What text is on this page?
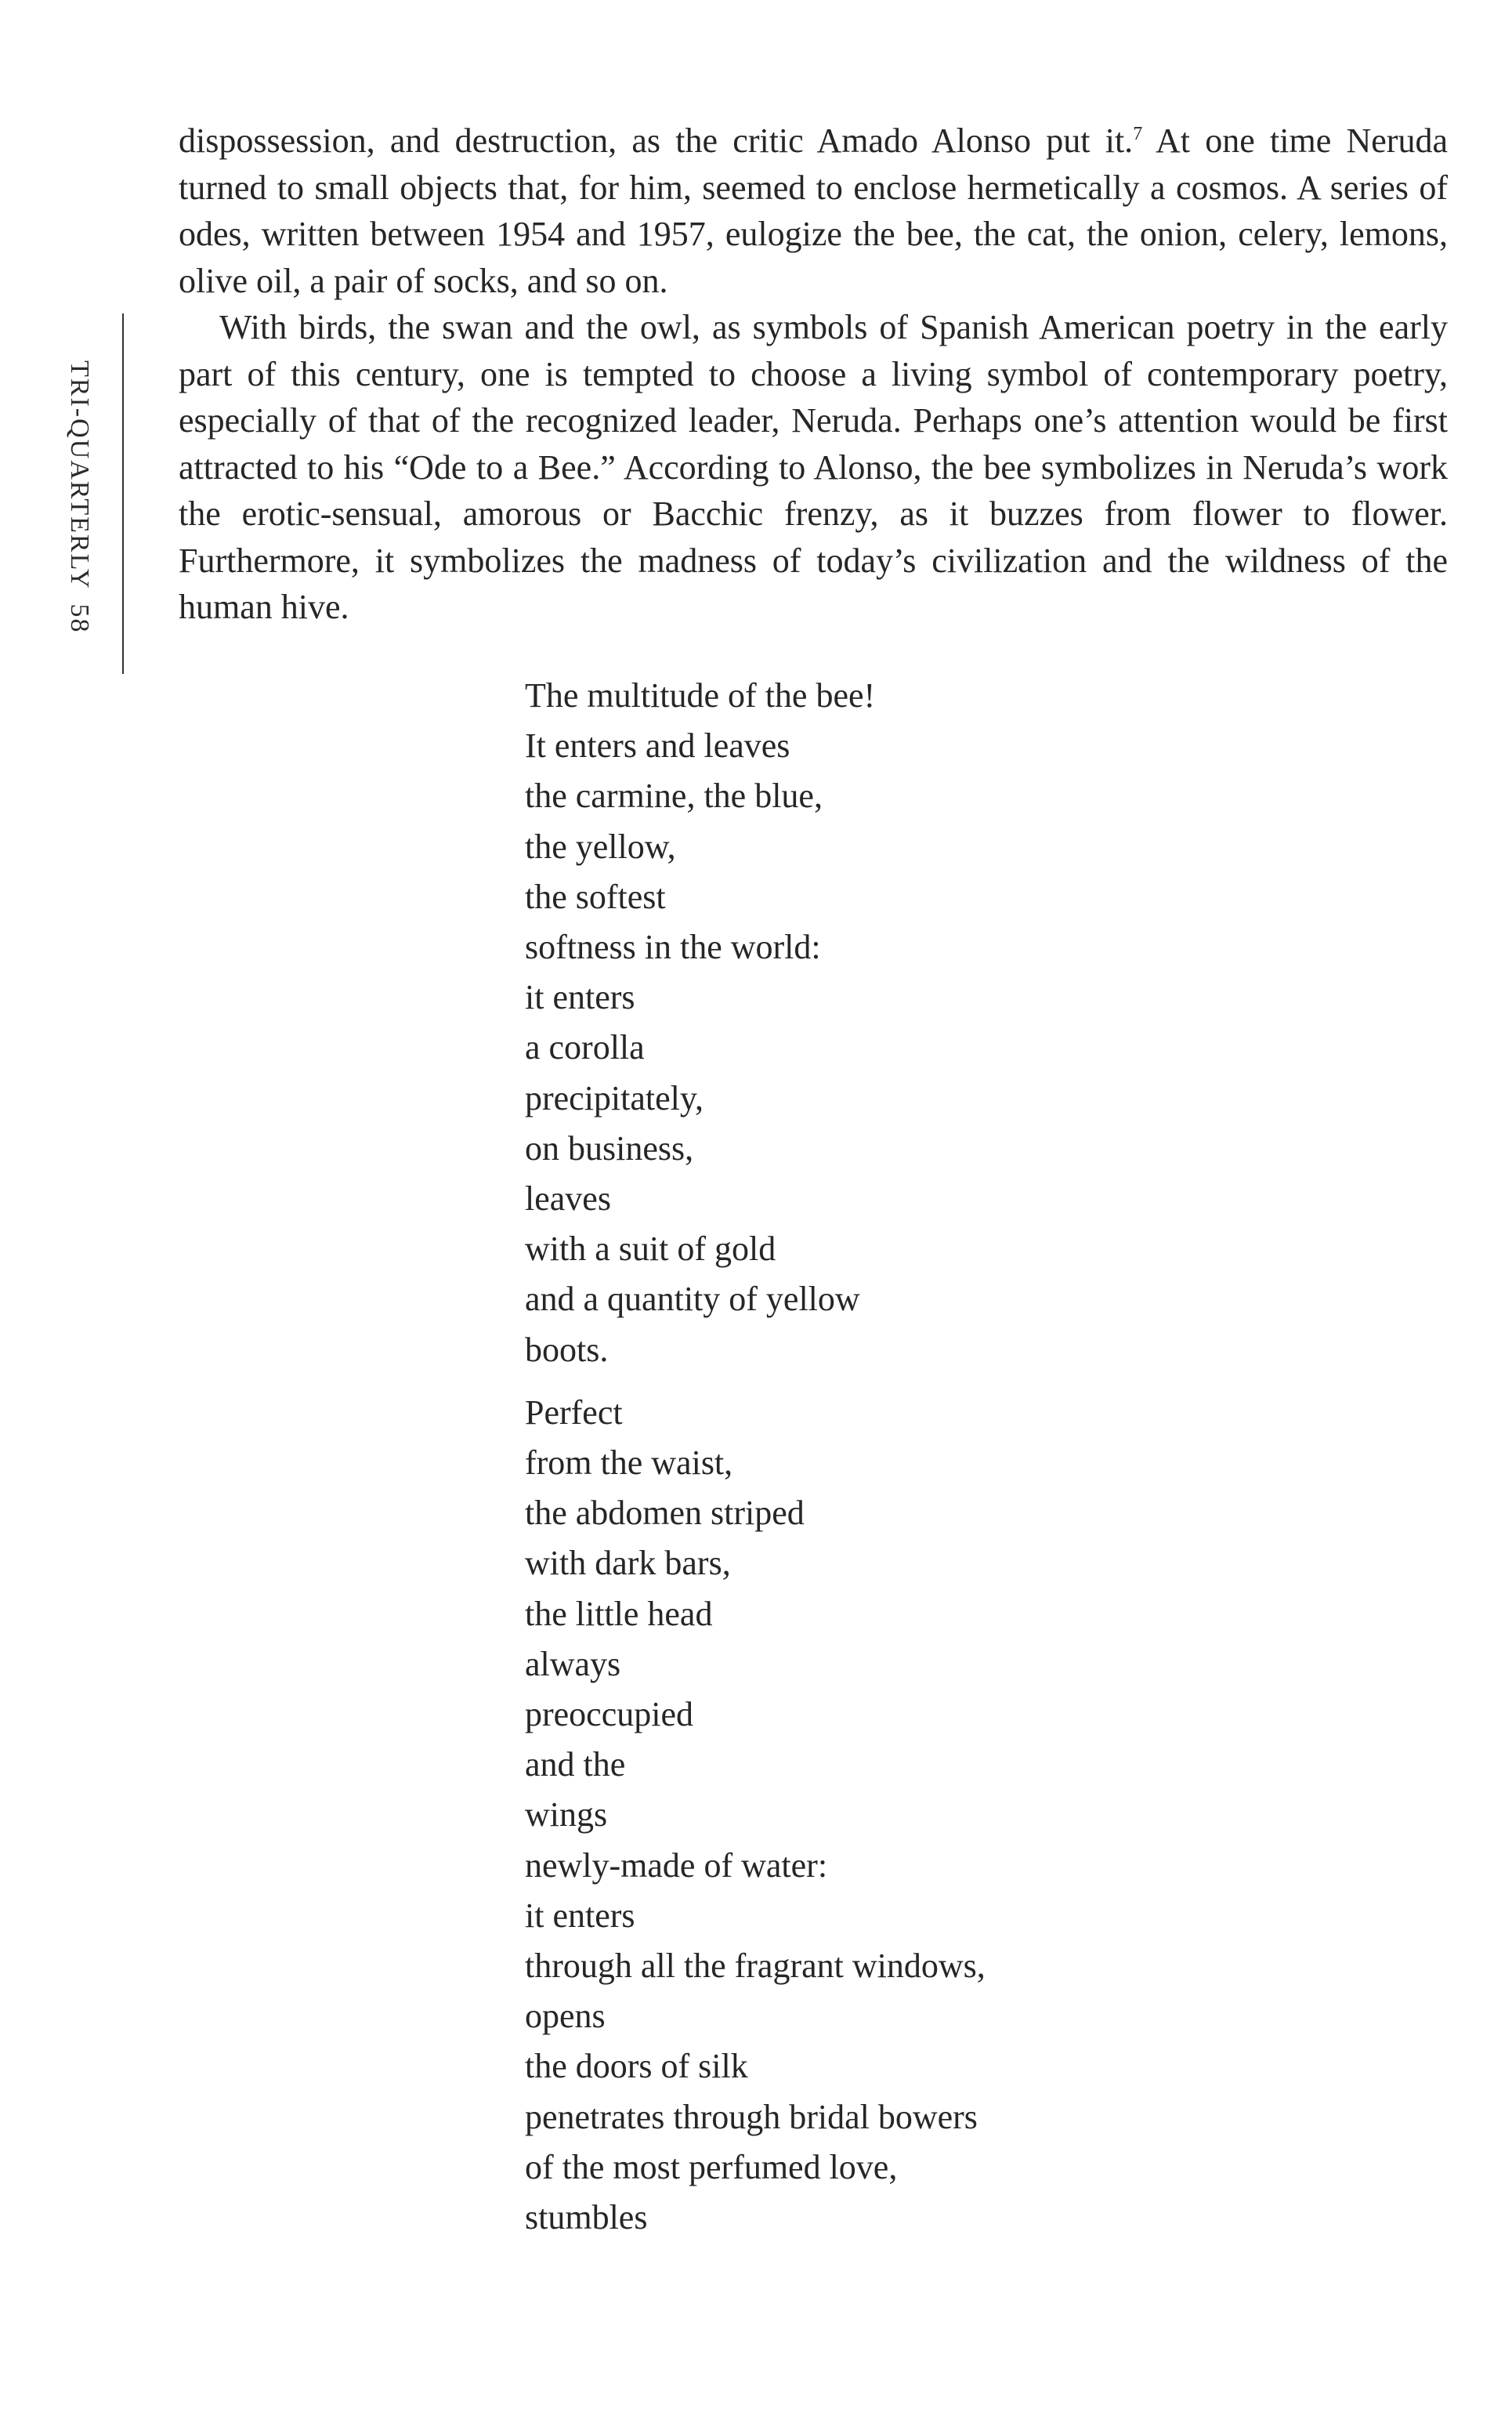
TRI-QUARTERLY58

dispossession, and destruction, as the critic Amado Alonso put it.$^7$ At one time Neruda turned to small objects that, for him, seemed to enclose hermetically a cosmos. A series of odes, written between 1954 and 1957, eulogize the bee, the cat, the onion, celery, lemons, olive oil, a pair of socks, and so on.

With birds, the swan and the owl, as symbols of Spanish American poetry in the early part of this century, one is tempted to choose a living symbol of contemporary poetry, especially of that of the recognized leader, Neruda. Perhaps one’s attention would be first attracted to his “Ode to a Bee.” According to Alonso, the bee symbolizes in Neruda’s work the erotic-sensual, amorous or Bacchic frenzy, as it buzzes from flower to flower. Furthermore, it symbolizes the madness of today’s civilization and the wildness of the human hive.

The multitude of the bee!
It enters and leaves
the carmine, the blue,
the yellow,
the softest
softness in the world:
it enters
a corolla
precipitately,
on business,
leaves
with a suit of gold
and a quantity of yellow
boots.
Perfect
from the waist,
the abdomen striped
with dark bars,
the little head
always
preoccupied
and the
wings
newly-made of water:
it enters
through all the fragrant windows,
opens
the doors of silk
penetrates through bridal bowers
of the most perfumed love,
stumbles
